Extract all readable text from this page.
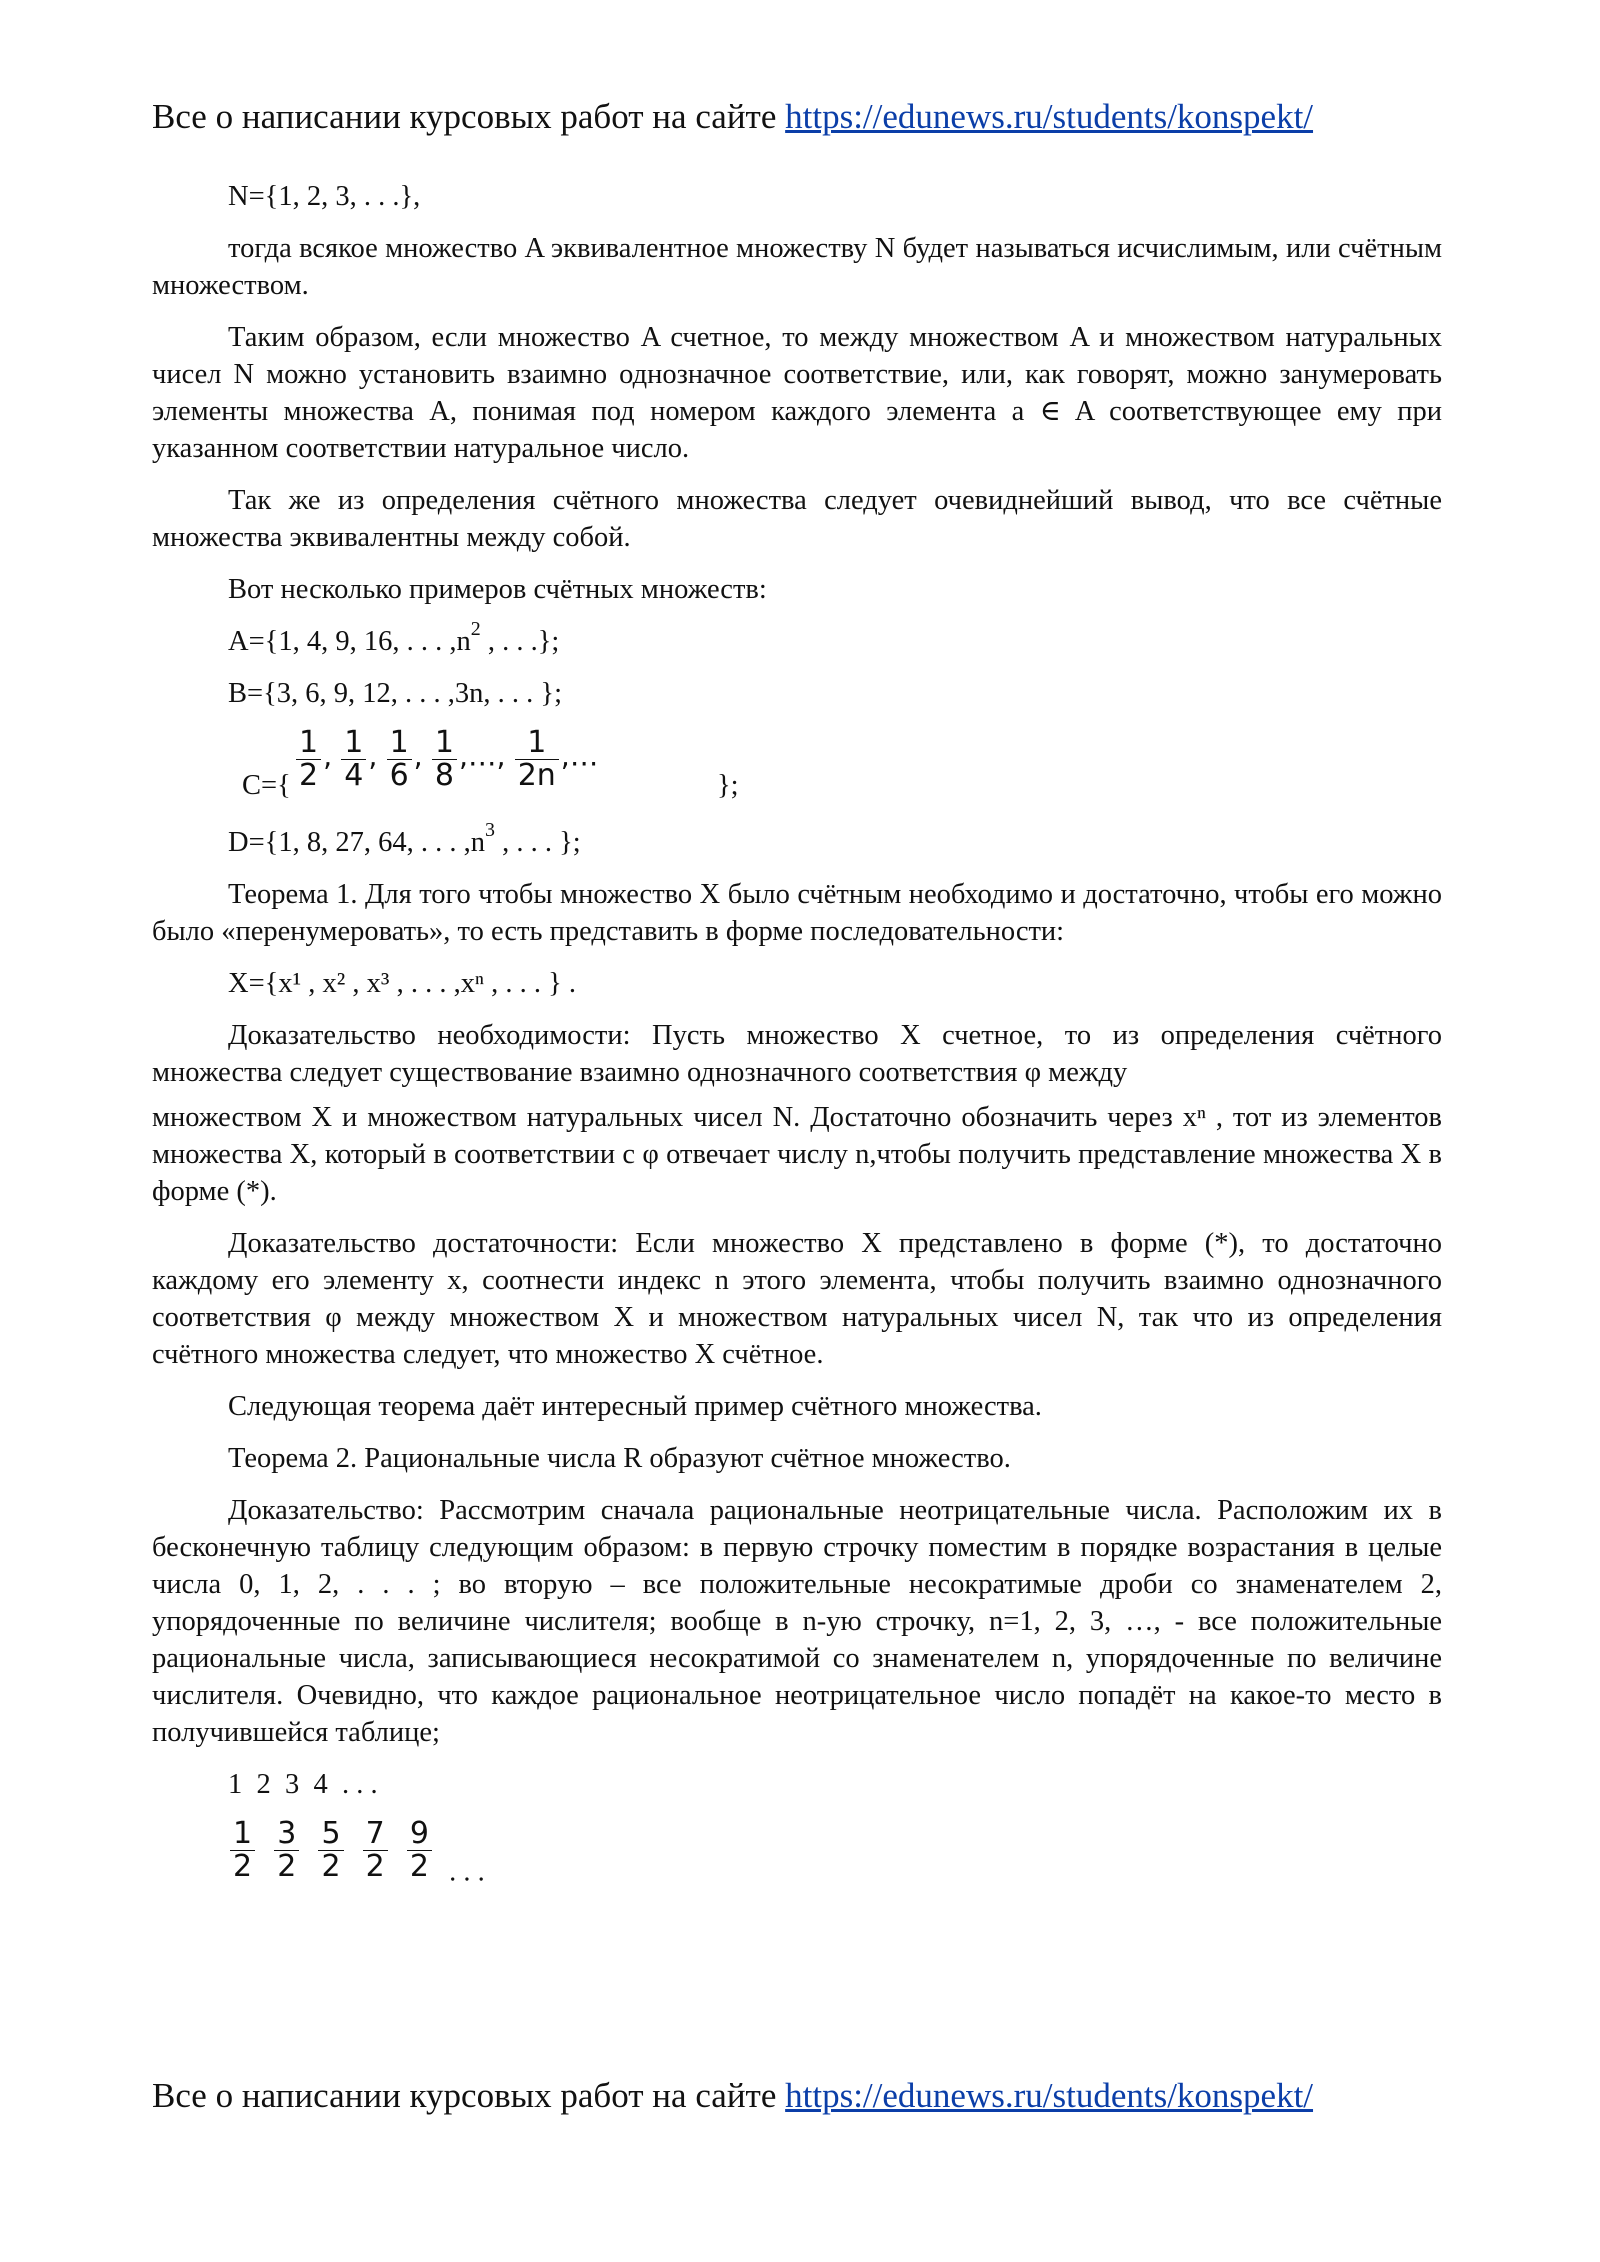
Все о написании курсовых работ на сайте https://edunews.ru/students/konspekt/
N={1, 2, 3, . . .},

тогда всякое множество A эквивалентное множеству N будет называться исчислимым, или счётным множеством.

Таким образом, если множество A счетное, то между множеством A и множеством натуральных чисел N можно установить взаимно однозначное соответствие, или, как говорят, можно занумеровать элементы множества A, понимая под номером каждого элемента a ∈ A соответствующее ему при указанном соответствии натуральное число.

Так же из определения счётного множества следует очевиднейший вывод, что все счётные множества эквивалентны между собой.

Вот несколько примеров счётных множеств:

A={1, 4, 9, 16, . . . $,n^2$ , . . .};
B={3, 6, 9, 12, . . . ,3n, . . . };
$C=\{ \frac{1}{2}$ , $\frac{1}{4}$ , $\frac{1}{6}$ , $\frac{1}{8}$ ,…, $\frac{1}{2n}$ ,…
};
D={1, 8, 27, 64, . . . $,n^3$ , . . . };

Теорема 1. Для того чтобы множество X было счётным необходимо и достаточно, чтобы его можно было «перенумеровать», то есть представить в форме последовательности:

X={x¹ , x² , x³ , . . . ,xⁿ , . . . } .

Доказательство необходимости: Пусть множество X счетное, то из определения счётного множества следует существование взаимно однозначного соответствия φ между

множеством X и множеством натуральных чисел N. Достаточно обозначить через xⁿ , тот из элементов множества X, который в соответствии с φ отвечает числу n,чтобы получить представление множества X в форме (*).

Доказательство достаточности: Если множество X представлено в форме (*), то достаточно каждому его элементу x, соотнести индекс n этого элемента, чтобы получить взаимно однозначного соответствия φ между множеством X и множеством натуральных чисел N, так что из определения счётного множества следует, что множество X счётное.

Следующая теорема даёт интересный пример счётного множества.

Теорема 2. Рациональные числа R образуют счётное множество.

Доказательство: Рассмотрим сначала рациональные неотрицательные числа. Расположим их в бесконечную таблицу следующим образом: в первую строчку поместим в порядке возрастания в целые числа 0, 1, 2, . . . ; во вторую – все положительные несократимые дроби со знаменателем 2, упорядоченные по величине числителя; вообще в n-ую строчку, n=1, 2, 3, …, - все положительные рациональные числа, записывающиеся несократимой со знаменателем n, упорядоченные по величине числителя. Очевидно, что каждое рациональное неотрицательное число попадёт на какое-то место в получившейся таблице;

1  2  3  4  . . .
$\frac{1}{2}$
$\frac{3}{2}$
$\frac{5}{2}$
$\frac{7}{2}$
$\frac{9}{2}$ . . .
Все о написании курсовых работ на сайте https://edunews.ru/students/konspekt/
